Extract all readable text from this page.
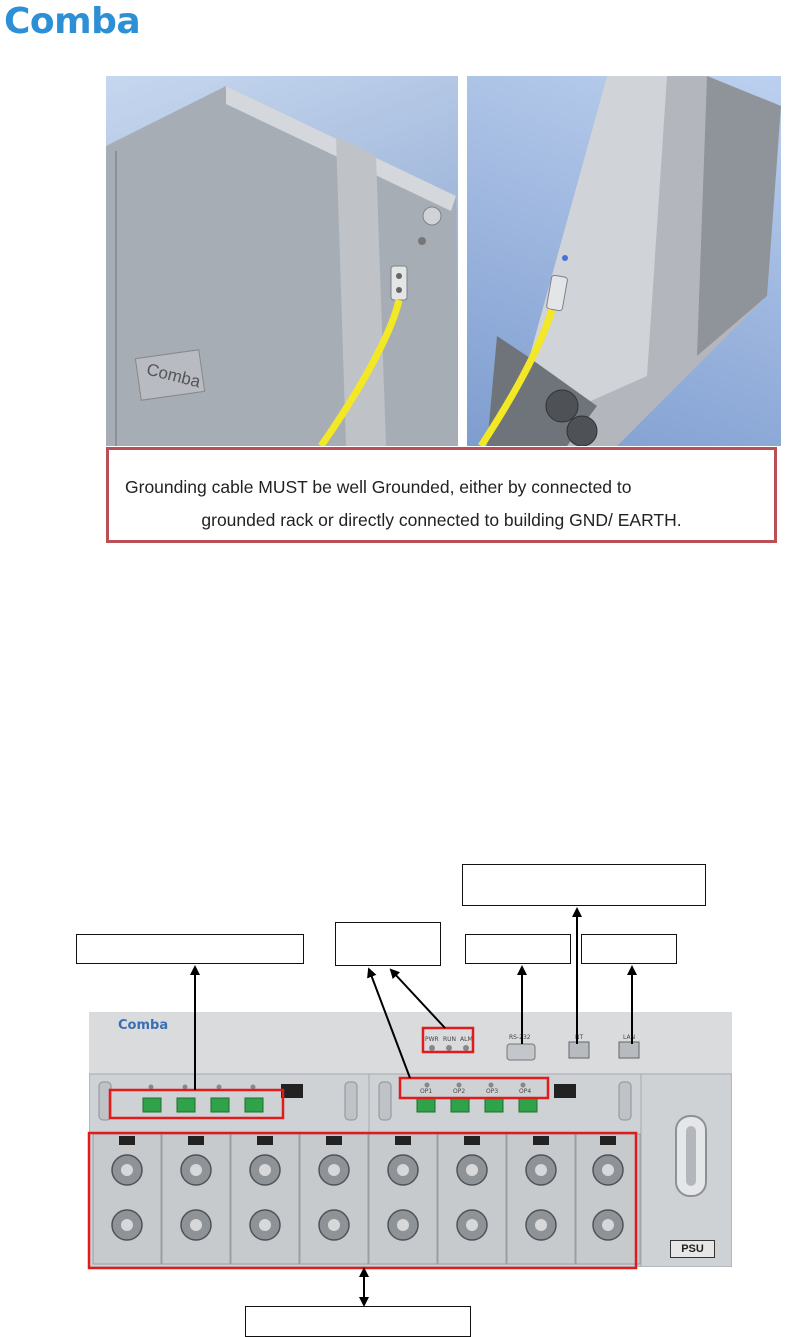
Comba
Comba
Grounding cable MUST be well Grounded, either by connected to
grounded rack or directly connected to building GND/ EARTH.
Comba
PWR RUN ALM
OP1	OP2	OP3	OP4
RS-232	NT	LAN
PSU
